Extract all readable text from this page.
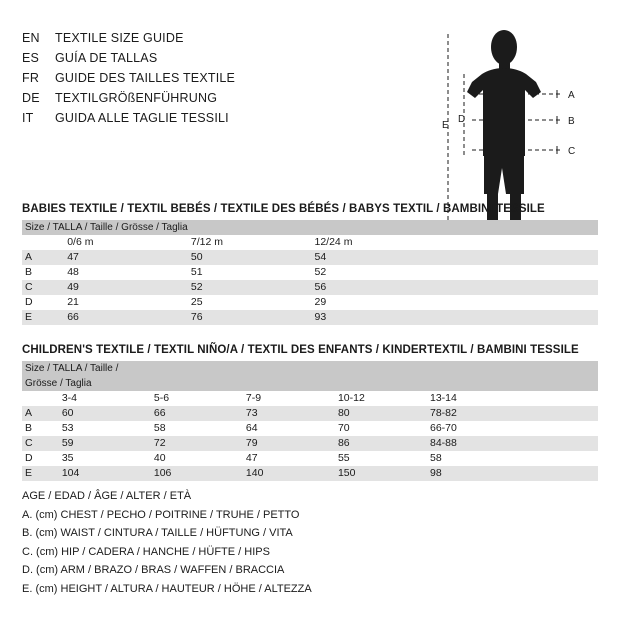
EN	TEXTILE SIZE GUIDE
ES	GUÍA DE TALLAS
FR	GUIDE DES TAILLES TEXTILE
DE	TEXTILGRÖßENFÜHRUNG
IT	GUIDA ALLE TAGLIE TESSILI
A
B
C
D
E
BABIES TEXTILE / TEXTIL BEBÉS / TEXTILE DES BÉBÉS / BABYS TEXTIL / BAMBINI TESSILE
Size / TALLA / Taille / Grösse / Taglia			
	0/6 m	7/12 m	12/24 m
A	47	50	54
B	48	51	52
C	49	52	56
D	21	25	29
E	66	76	93
CHILDREN'S TEXTILE / TEXTIL NIÑO/A / TEXTIL DES ENFANTS / KINDERTEXTIL / BAMBINI TESSILE
Size / TALLA / Taille / Grösse / Taglia					
	3-4	5-6	7-9	10-12	13-14
A	60	66	73	80	78-82
B	53	58	64	70	66-70
C	59	72	79	86	84-88
D	35	40	47	55	58
E	104	106	140	150	98
AGE / EDAD / ÂGE / ALTER / ETÀ
A. (cm) CHEST / PECHO / POITRINE / TRUHE / PETTO
B. (cm) WAIST / CINTURA / TAILLE / HÜFTUNG / VITA
C. (cm) HIP / CADERA / HANCHE / HÜFTE / HIPS
D. (cm) ARM / BRAZO / BRAS / WAFFEN / BRACCIA
E. (cm) HEIGHT / ALTURA / HAUTEUR / HÖHE / ALTEZZA
